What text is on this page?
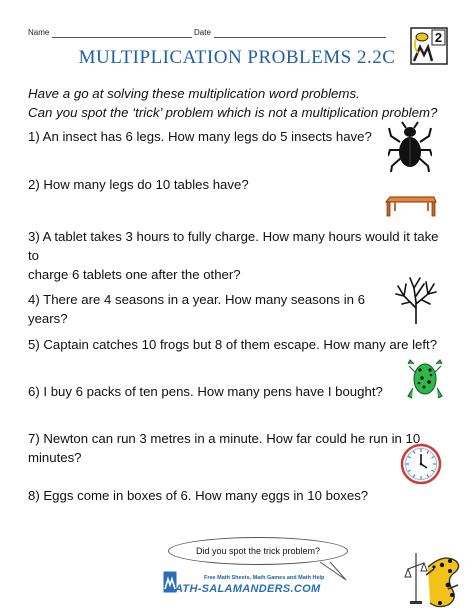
Name	Date	2
MULTIPLICATION PROBLEMS 2.2C
Have a go at solving these multiplication word problems.
Can you spot the ‘trick’ problem which is not a multiplication problem?
1) An insect has 6 legs. How many legs do 5 insects have?
2) How many legs do 10 tables have?
3) A tablet takes 3 hours to fully charge. How many hours would it take to
charge 6 tablets one after the other?
4) There are 4 seasons in a year. How many seasons in 6 years?
5) Captain catches 10 frogs but 8 of them escape. How many are left?
6) I buy 6 packs of ten pens. How many pens have I bought?
7) Newton can run 3 metres in a minute. How far could he run in 10
minutes?
8) Eggs come in boxes of 6. How many eggs in 10 boxes?
Did you spot the trick problem?
Free Math Sheets, Math Games and Math Help
ATH-SALAMANDERS.COM
